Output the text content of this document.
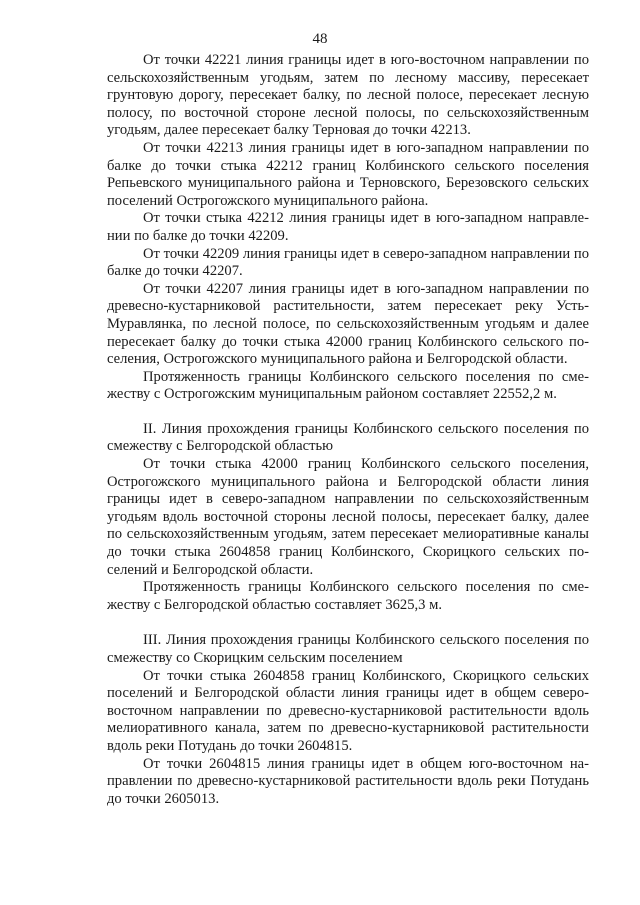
48

От точки 42221 линия границы идет в юго-восточном направлении по сельскохозяйственным угодьям, затем по лесному массиву, пересекает грунтовую дорогу, пересекает балку, по лесной полосе, пересекает лесную полосу, по восточной стороне лесной полосы, по сельскохозяйственным угодьям, далее пересекает балку Терновая до точки 42213.

От точки 42213 линия границы идет в юго-западном направлении по балке до точки стыка 42212 границ Колбинского сельского поселения Репьевского муниципального района и Терновского, Березовского сельских поселений Острогожского муниципального района.

От точки стыка 42212 линия границы идет в юго-западном направлении по балке до точки 42209.

От точки 42209 линия границы идет в северо-западном направлении по балке до точки 42207.

От точки 42207 линия границы идет в юго-западном направлении по древесно-кустарниковой растительности, затем пересекает реку Усть-Муравлянка, по лесной полосе, по сельскохозяйственным угодьям и далее пересекает балку до точки стыка 42000 границ Колбинского сельского поселения, Острогожского муниципального района и Белгородской области.

Протяженность границы Колбинского сельского поселения по смежеству с Острогожским муниципальным районом составляет 22552,2 м.

II. Линия прохождения границы Колбинского сельского поселения по смежеству с Белгородской областью

От точки стыка 42000 границ Колбинского сельского поселения, Острогожского муниципального района и Белгородской области линия границы идет в северо-западном направлении по сельскохозяйственным угодьям вдоль восточной стороны лесной полосы, пересекает балку, далее по сельскохозяйственным угодьям, затем пересекает мелиоративные каналы до точки стыка 2604858 границ Колбинского, Скорицкого сельских поселений и Белгородской области.

Протяженность границы Колбинского сельского поселения по смежеству с Белгородской областью составляет 3625,3 м.

III. Линия прохождения границы Колбинского сельского поселения по смежеству со Скорицким сельским поселением

От точки стыка 2604858 границ Колбинского, Скорицкого сельских поселений и Белгородской области линия границы идет в общем северо-восточном направлении по древесно-кустарниковой растительности вдоль мелиоративного канала, затем по древесно-кустарниковой растительности вдоль реки Потудань до точки 2604815.

От точки 2604815 линия границы идет в общем юго-восточном направлении по древесно-кустарниковой растительности вдоль реки Потудань до точки 2605013.
